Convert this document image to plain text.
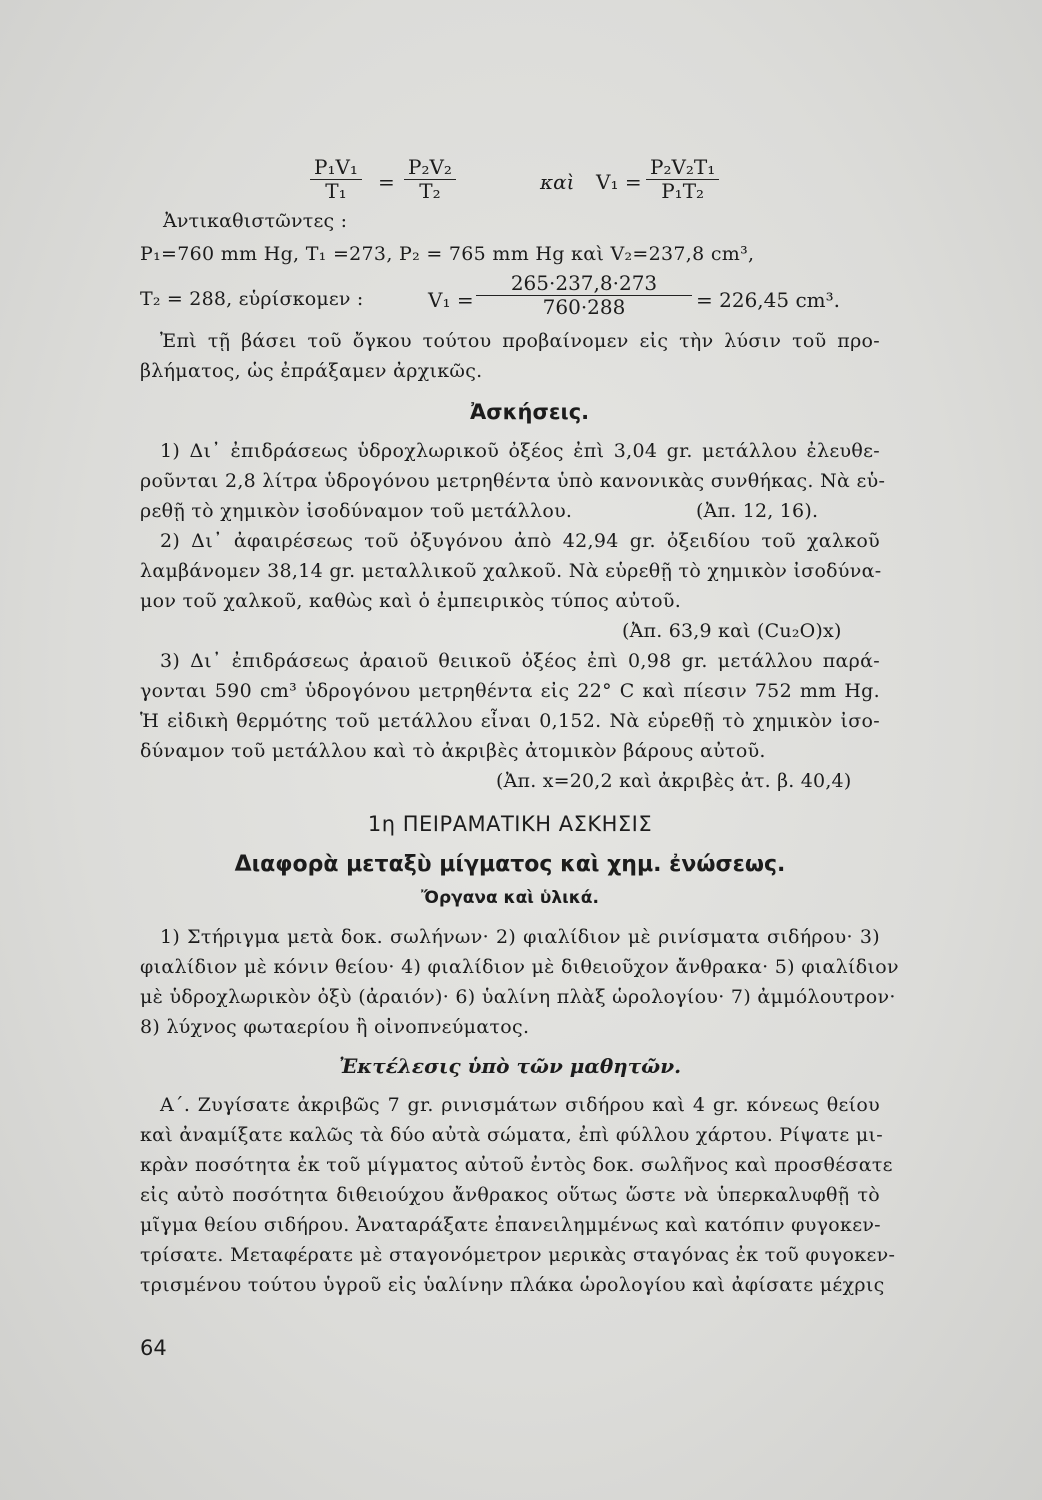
$\frac{\text{P₁V₁}}{\text{T₁}} = \frac{\text{P₂V₂}}{\text{T₂}}$	καὶ $V_1 = \frac{\text{P₂V₂T₁}}{\text{P₁T₂}}$
Ἀντικαθιστῶντες :
P₁=760 mm Hg, T₁ =273, P₂ = 765 mm Hg καὶ V₂=237,8 cm³,
T₂ = 288, εὑρίσκομεν :	$V_1 = \frac{265\cdot 237,8\cdot 273}{760\cdot 288} = 226,45$ cm³.
Ἐπὶ τῇ βάσει τοῦ ὄγκου τούτου προβαίνομεν εἰς τὴν λύσιν τοῦ προ-
βλήματος, ὡς ἐπράξαμεν ἀρχικῶς.
Ἀσκήσεις.
1) Δι᾿ ἐπιδράσεως ὑδροχλωρικοῦ ὀξέος ἐπὶ 3,04 gr. μετάλλου ἐλευθε-
ροῦνται 2,8 λίτρα ὑδρογόνου μετρηθέντα ὑπὸ κανονικὰς συνθήκας. Νὰ εὑ-
ρεθῇ τὸ χημικὸν ἰσοδύναμον τοῦ μετάλλου.	(Ἀπ. 12, 16).
2) Δι᾿ ἀφαιρέσεως τοῦ ὀξυγόνου ἀπὸ 42,94 gr. ὀξειδίου τοῦ χαλκοῦ
λαμβάνομεν 38,14 gr. μεταλλικοῦ χαλκοῦ. Νὰ εὑρεθῇ τὸ χημικὸν ἰσοδύνα-
μον τοῦ χαλκοῦ, καθὼς καὶ ὁ ἐμπειρικὸς τύπος αὐτοῦ.
(Ἀπ. 63,9 καὶ (Cu₂O)x)
3) Δι᾿ ἐπιδράσεως ἀραιοῦ θειικοῦ ὀξέος ἐπὶ 0,98 gr. μετάλλου παρά-
γονται 590 cm³ ὑδρογόνου μετρηθέντα εἰς 22° C καὶ πίεσιν 752 mm Hg.
Ἡ εἰδικὴ θερμότης τοῦ μετάλλου εἶναι 0,152. Νὰ εὑρεθῇ τὸ χημικὸν ἰσο-
δύναμον τοῦ μετάλλου καὶ τὸ ἀκριβὲς ἀτομικὸν βάρους αὐτοῦ.
(Ἀπ. x=20,2 καὶ ἀκριβὲς ἀτ. β. 40,4)
1η ΠΕΙΡΑΜΑΤΙΚΗ ΑΣΚΗΣΙΣ
Διαφορὰ μεταξὺ μίγματος καὶ χημ. ἐνώσεως.
Ὄργανα καὶ ὑλικά.
1) Στήριγμα μετὰ δοκ. σωλήνων· 2) φιαλίδιον μὲ ρινίσματα σιδήρου· 3)
φιαλίδιον μὲ κόνιν θείου· 4) φιαλίδιον μὲ διθειοῦχον ἄνθρακα· 5) φιαλίδιον
μὲ ὑδροχλωρικὸν ὀξὺ (ἀραιόν)· 6) ὑαλίνη πλὰξ ὡρολογίου· 7) ἀμμόλουτρον·
8) λύχνος φωταερίου ἢ οἰνοπνεύματος.
Ἐκτέλεσις ὑπὸ τῶν μαθητῶν.
Α΄. Ζυγίσατε ἀκριβῶς 7 gr. ρινισμάτων σιδήρου καὶ 4 gr. κόνεως θείου
καὶ ἀναμίξατε καλῶς τὰ δύο αὐτὰ σώματα, ἐπὶ φύλλου χάρτου. Ρίψατε μι-
κρὰν ποσότητα ἐκ τοῦ μίγματος αὐτοῦ ἐντὸς δοκ. σωλῆνος καὶ προσθέσατε
εἰς αὐτὸ ποσότητα διθειούχου ἄνθρακος οὕτως ὥστε νὰ ὑπερκαλυφθῇ τὸ
μῖγμα θείου σιδήρου. Ἀναταράξατε ἐπανειλημμένως καὶ κατόπιν φυγοκεν-
τρίσατε. Μεταφέρατε μὲ σταγονόμετρον μερικὰς σταγόνας ἐκ τοῦ φυγοκεν-
τρισμένου τούτου ὑγροῦ εἰς ὑαλίνην πλάκα ὡρολογίου καὶ ἀφίσατε μέχρις
64
